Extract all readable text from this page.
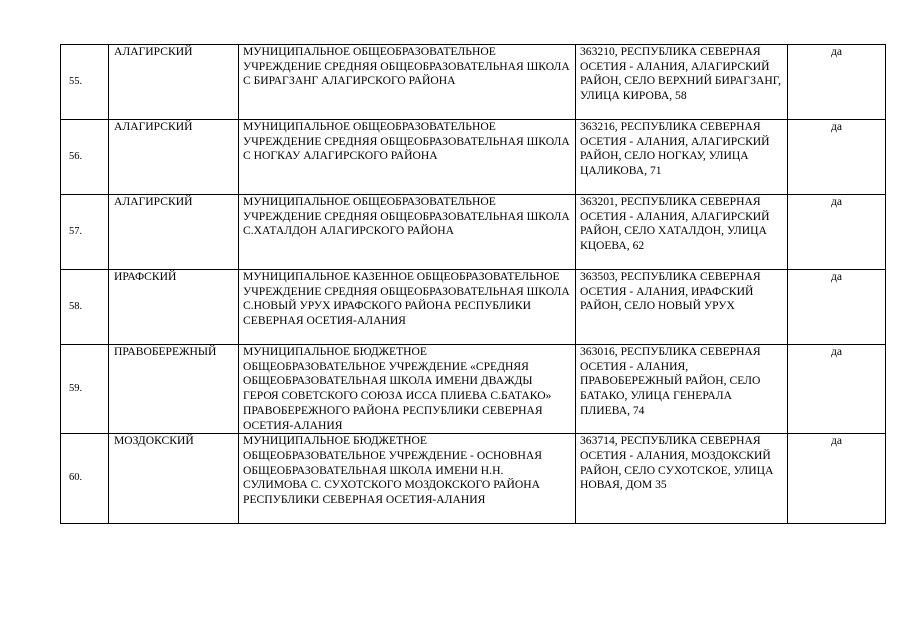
55.	АЛАГИРСКИЙ	МУНИЦИПАЛЬНОЕ ОБЩЕОБРАЗОВАТЕЛЬНОЕ УЧРЕЖДЕНИЕ СРЕДНЯЯ ОБЩЕОБРАЗОВАТЕЛЬНАЯ ШКОЛА С БИРАГЗАНГ АЛАГИРСКОГО РАЙОНА	363210, РЕСПУБЛИКА СЕВЕРНАЯ ОСЕТИЯ - АЛАНИЯ, АЛАГИРСКИЙ РАЙОН, СЕЛО ВЕРХНИЙ БИРАГЗАНГ, УЛИЦА КИРОВА, 58	да
56.	АЛАГИРСКИЙ	МУНИЦИПАЛЬНОЕ ОБЩЕОБРАЗОВАТЕЛЬНОЕ УЧРЕЖДЕНИЕ СРЕДНЯЯ ОБЩЕОБРАЗОВАТЕЛЬНАЯ ШКОЛА С НОГКАУ АЛАГИРСКОГО РАЙОНА	363216, РЕСПУБЛИКА СЕВЕРНАЯ ОСЕТИЯ - АЛАНИЯ, АЛАГИРСКИЙ РАЙОН, СЕЛО НОГКАУ, УЛИЦА ЦАЛИКОВА, 71	да
57.	АЛАГИРСКИЙ	МУНИЦИПАЛЬНОЕ ОБЩЕОБРАЗОВАТЕЛЬНОЕ УЧРЕЖДЕНИЕ СРЕДНЯЯ ОБЩЕОБРАЗОВАТЕЛЬНАЯ ШКОЛА С.ХАТАЛДОН АЛАГИРСКОГО РАЙОНА	363201, РЕСПУБЛИКА СЕВЕРНАЯ ОСЕТИЯ - АЛАНИЯ, АЛАГИРСКИЙ РАЙОН, СЕЛО ХАТАЛДОН, УЛИЦА КЦОЕВА, 62	да
58.	ИРАФСКИЙ	МУНИЦИПАЛЬНОЕ КАЗЕННОЕ ОБЩЕОБРАЗОВАТЕЛЬНОЕ УЧРЕЖДЕНИЕ СРЕДНЯЯ ОБЩЕОБРАЗОВАТЕЛЬНАЯ ШКОЛА С.НОВЫЙ УРУХ ИРАФСКОГО РАЙОНА РЕСПУБЛИКИ СЕВЕРНАЯ ОСЕТИЯ-АЛАНИЯ	363503, РЕСПУБЛИКА СЕВЕРНАЯ ОСЕТИЯ - АЛАНИЯ, ИРАФСКИЙ РАЙОН, СЕЛО НОВЫЙ УРУХ	да
59.	ПРАВОБЕРЕЖНЫЙ	МУНИЦИПАЛЬНОЕ БЮДЖЕТНОЕ ОБЩЕОБРАЗОВАТЕЛЬНОЕ УЧРЕЖДЕНИЕ «СРЕДНЯЯ ОБЩЕОБРАЗОВАТЕЛЬНАЯ ШКОЛА ИМЕНИ ДВАЖДЫ ГЕРОЯ СОВЕТСКОГО СОЮЗА ИССА ПЛИЕВА С.БАТАКО» ПРАВОБЕРЕЖНОГО РАЙОНА РЕСПУБЛИКИ СЕВЕРНАЯ ОСЕТИЯ-АЛАНИЯ	363016, РЕСПУБЛИКА СЕВЕРНАЯ ОСЕТИЯ - АЛАНИЯ, ПРАВОБЕРЕЖНЫЙ РАЙОН, СЕЛО БАТАКО, УЛИЦА ГЕНЕРАЛА ПЛИЕВА, 74	да
60.	МОЗДОКСКИЙ	МУНИЦИПАЛЬНОЕ БЮДЖЕТНОЕ ОБЩЕОБРАЗОВАТЕЛЬНОЕ УЧРЕЖДЕНИЕ - ОСНОВНАЯ ОБЩЕОБРАЗОВАТЕЛЬНАЯ ШКОЛА ИМЕНИ Н.Н. СУЛИМОВА С. СУХОТСКОГО МОЗДОКСКОГО РАЙОНА РЕСПУБЛИКИ СЕВЕРНАЯ ОСЕТИЯ-АЛАНИЯ	363714, РЕСПУБЛИКА СЕВЕРНАЯ ОСЕТИЯ - АЛАНИЯ, МОЗДОКСКИЙ РАЙОН, СЕЛО СУХОТСКОЕ, УЛИЦА НОВАЯ, ДОМ 35	да
